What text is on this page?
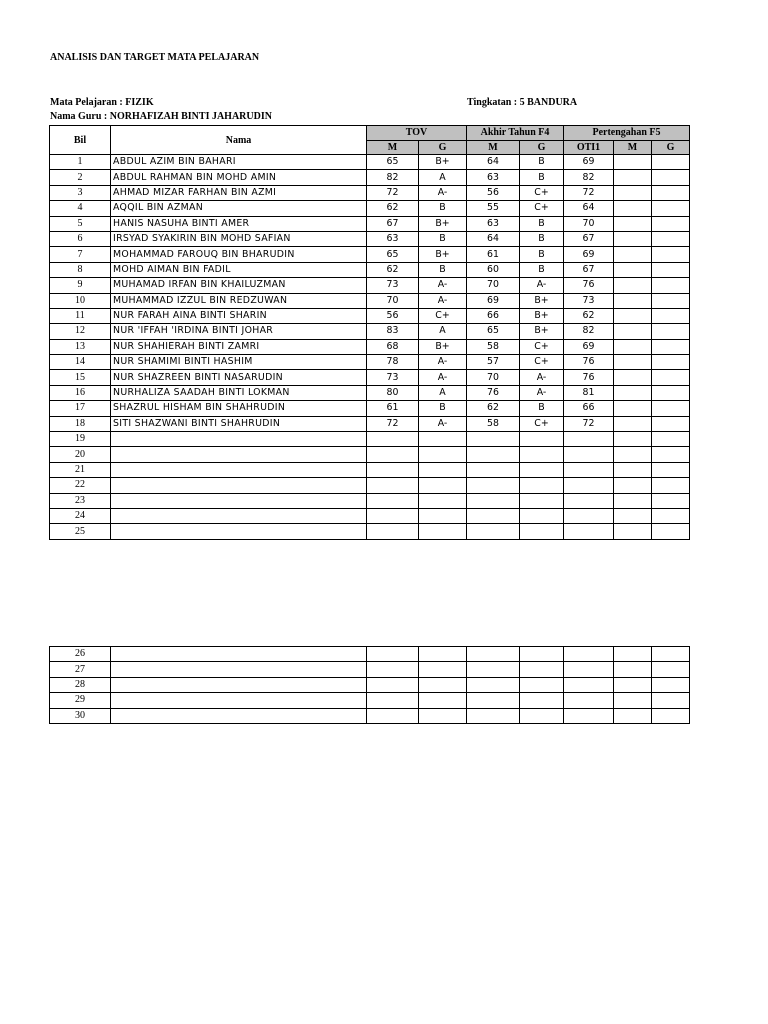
ANALISIS DAN TARGET MATA PELAJARAN
Mata Pelajaran : FIZIK	Tingkatan : 5 BANDURA
Nama Guru : NORHAFIZAH BINTI JAHARUDIN
Bil	Nama	TOV		Akhir Tahun F4		Pertengahan F5		
		M	G	M	G	OTI1	M	G
1	ABDUL AZIM BIN BAHARI	65	B+	64	B	69		
2	ABDUL RAHMAN BIN MOHD AMIN	82	A	63	B	82		
3	AHMAD MIZAR FARHAN BIN AZMI	72	A-	56	C+	72		
4	AQQIL BIN AZMAN	62	B	55	C+	64		
5	HANIS NASUHA BINTI AMER	67	B+	63	B	70		
6	IRSYAD SYAKIRIN BIN MOHD SAFIAN	63	B	64	B	67		
7	MOHAMMAD FAROUQ BIN BHARUDIN	65	B+	61	B	69		
8	MOHD AIMAN BIN FADIL	62	B	60	B	67		
9	MUHAMAD IRFAN BIN KHAILUZMAN	73	A-	70	A-	76		
10	MUHAMMAD IZZUL BIN REDZUWAN	70	A-	69	B+	73		
11	NUR FARAH AINA BINTI SHARIN	56	C+	66	B+	62		
12	NUR 'IFFAH 'IRDINA BINTI JOHAR	83	A	65	B+	82		
13	NUR SHAHIERAH BINTI ZAMRI	68	B+	58	C+	69		
14	NUR SHAMIMI BINTI HASHIM	78	A-	57	C+	76		
15	NUR SHAZREEN BINTI NASARUDIN	73	A-	70	A-	76		
16	NURHALIZA SAADAH BINTI LOKMAN	80	A	76	A-	81		
17	SHAZRUL HISHAM BIN SHAHRUDIN	61	B	62	B	66		
18	SITI SHAZWANI BINTI SHAHRUDIN	72	A-	58	C+	72		
19								
20								
21								
22								
23								
24								
25								
26								
27								
28								
29								
30								
